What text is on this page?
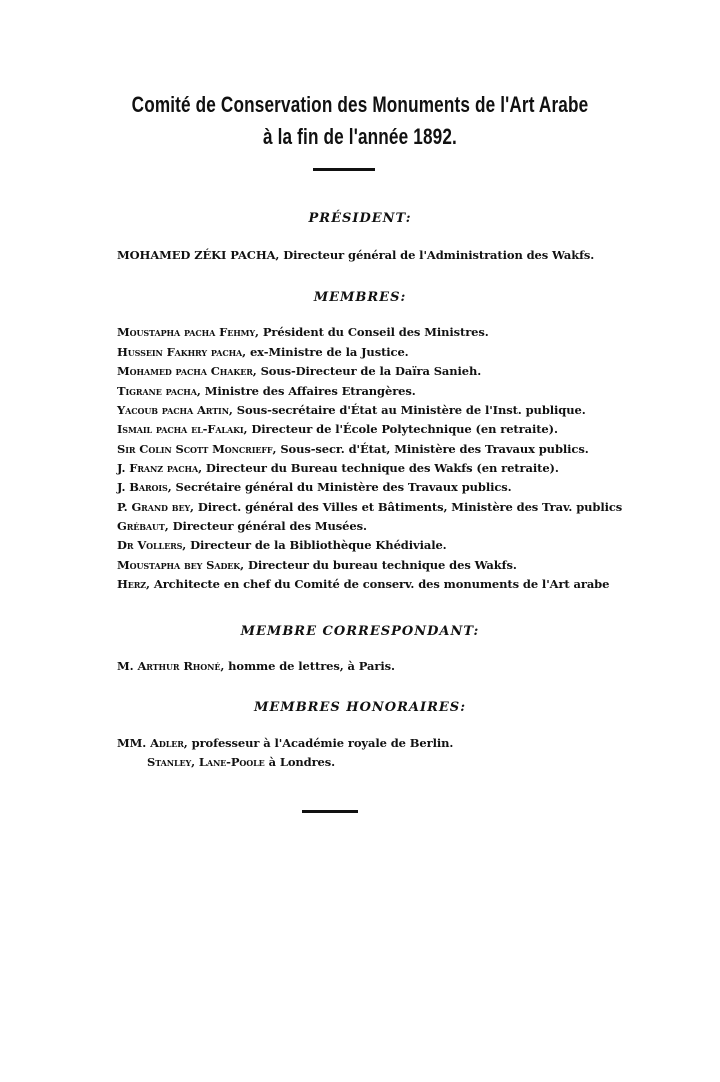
Comité de Conservation des Monuments de l'Art Arabe
à la fin de l'année 1892.
PRÉSIDENT:
MOHAMED ZÉKI PACHA, Directeur général de l'Administration des Wakfs.
MEMBRES:
Moustapha pacha Fehmy, Président du Conseil des Ministres.
Hussein Fakhry pacha, ex-Ministre de la Justice.
Mohamed pacha Chaker, Sous-Directeur de la Daïra Sanieh.
Tigrane pacha, Ministre des Affaires Etrangères.
Yacoub pacha Artin, Sous-secrétaire d'État au Ministère de l'Inst. publique.
Ismail pacha el-Falaki, Directeur de l'École Polytechnique (en retraite).
Sir Colin Scott Moncrieff, Sous-secr. d'État, Ministère des Travaux publics.
J. Franz pacha, Directeur du Bureau technique des Wakfs (en retraite).
J. Barois, Secrétaire général du Ministère des Travaux publics.
P. Grand bey, Direct. général des Villes et Bâtiments, Ministère des Trav. publics
Grébaut, Directeur général des Musées.
Dr Vollers, Directeur de la Bibliothèque Khédiviale.
Moustapha bey Sadek, Directeur du bureau technique des Wakfs.
Herz, Architecte en chef du Comité de conserv. des monuments de l'Art arabe
MEMBRE CORRESPONDANT:
M. Arthur Rhoné, homme de lettres, à Paris.
MEMBRES HONORAIRES:
MM. Adler, professeur à l'Académie royale de Berlin.
Stanley, Lane-Poole à Londres.
